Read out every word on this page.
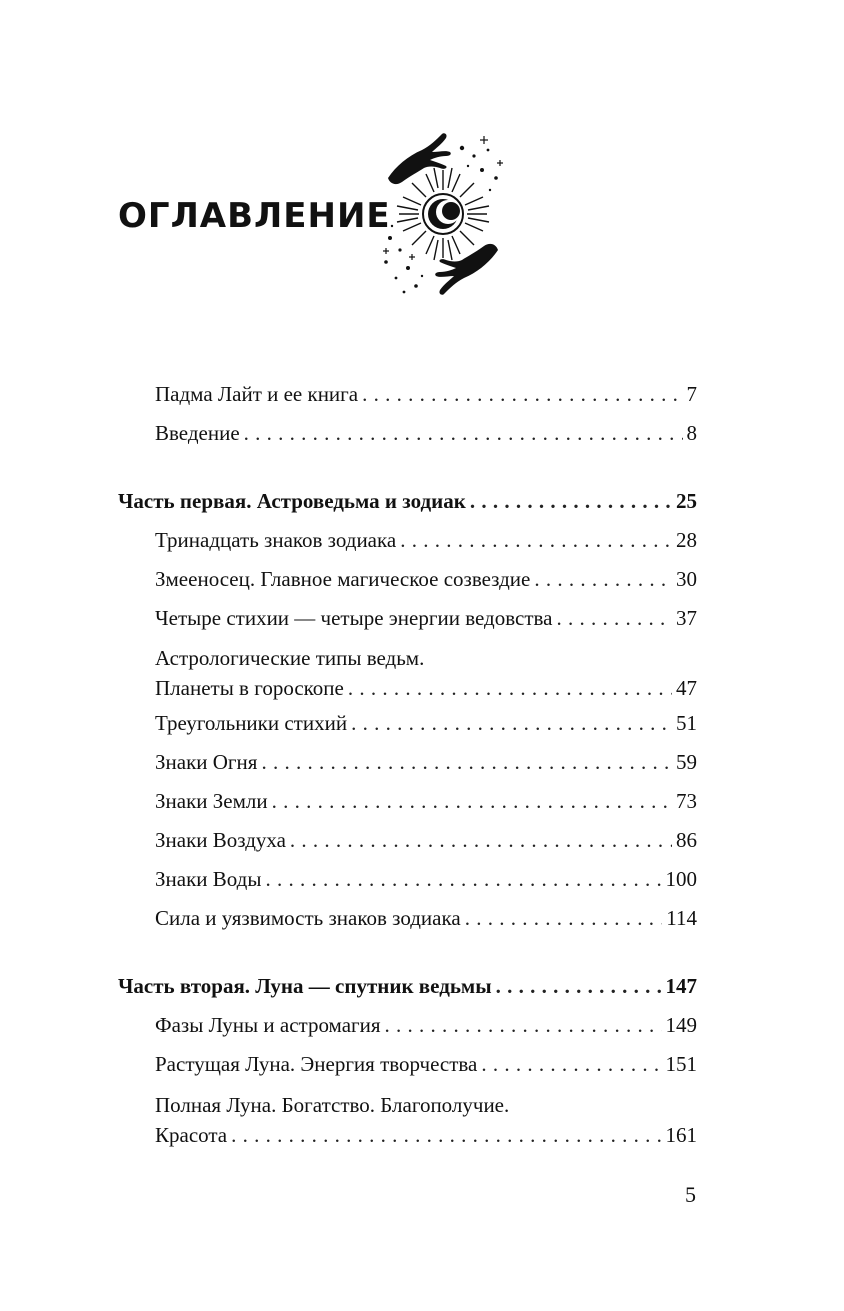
ОГЛАВЛЕНИЕ
Падма Лайт и ее книга . . .	7
Введение . . .	8
Часть первая. Астроведьма и зодиак . . .	25
Тринадцать знаков зодиака . . .	28
Змееносец. Главное магическое созвездие . . .	30
Четыре стихии — четыре энергии ведовства . . .	37
Астрологические типы ведьм.
Планеты в гороскопе . . .	47
Треугольники стихий . . .	51
Знаки Огня . . .	59
Знаки Земли . . .	73
Знаки Воздуха . . .	86
Знаки Воды . . .	100
Сила и уязвимость знаков зодиака . . .	114
Часть вторая. Луна — спутник ведьмы . . .	147
Фазы Луны и астромагия . . .	149
Растущая Луна. Энергия творчества . . .	151
Полная Луна. Богатство. Благополучие.
Красота . . .	161
5
